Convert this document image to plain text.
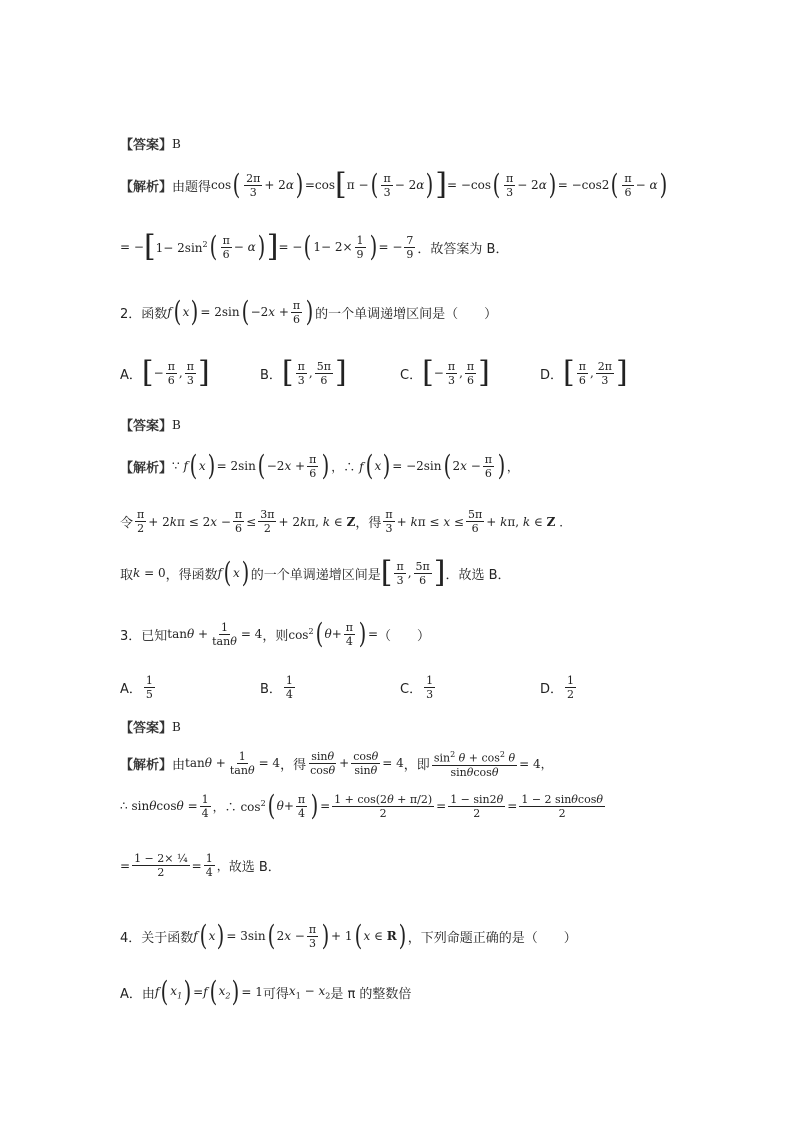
【答案】 B
【解析】 由题得 cos ( $\frac{2\pi}{3} + 2\alpha$ ) =cos [ π − ( $\frac{\pi}{3} - 2\alpha$ ) ] = −cos ( $\frac{\pi}{3} - 2\alpha$ ) = −cos2 ( $\frac{\pi}{6} - \alpha$ )
= − [ $1- 2\sin^2$ ( $\frac{\pi}{6} - \alpha$ ) ] = − ( $1- 2\times \frac{1}{9}$ ) = − $\frac{7}{9}$ ．故答案为 B．
2．函数 f ( x ) = 2sin ( $-2x + \frac{\pi}{6}$ ) 的一个单调递增区间是（　　）
A． [ − $\frac{\pi}{6}$ , $\frac{\pi}{3}$ ]	B． [ $\frac{\pi}{3}$ , $\frac{5\pi}{6}$ ]	C． [ − $\frac{\pi}{3}$ , $\frac{\pi}{6}$ ]	D． [ $\frac{\pi}{6}$ , $\frac{2\pi}{3}$ ]
【答案】 B
【解析】 ∵ f ( x ) = 2sin ( $-2x + \frac{\pi}{6}$ ) ，∴ f ( x ) = −2sin ( $2x - \frac{\pi}{6}$ ) ，
令 $\frac{\pi}{2} + 2k\pi \le 2x - \frac{\pi}{6} \le \frac{3\pi}{2} + 2k\pi$, k ∈ Z ，得 $\frac{\pi}{3} + k\pi \le x \le \frac{5\pi}{6} + k\pi$, k ∈ Z ．
取 k = 0 ，得函数 f ( x ) 的一个单调递增区间是 [ $\frac{\pi}{3}$ , $\frac{5\pi}{6}$ ] ．故选 B．
3．已知 $\tan\theta + \frac{1}{\tan\theta} = 4$ ，则 $\cos^2$ ( $\theta + \frac{\pi}{4}$ ) = （　　）
A． $\frac{1}{5}$	B． $\frac{1}{4}$	C． $\frac{1}{3}$	D． $\frac{1}{2}$
【答案】 B
【解析】 由 $\tan\theta + \frac{1}{\tan\theta} = 4$ ，得 $\frac{\sin\theta}{\cos\theta} + \frac{\cos\theta}{\sin\theta} = 4$ ，即 $\frac{\sin^2 \theta + \cos^2 \theta}{\sin\theta\cos\theta} = 4$，
∴ $\sin\theta\cos\theta = \frac{1}{4}$ ，∴ $\cos^2$ ( $\theta + \frac{\pi}{4}$ ) = $\frac{1 + \cos(2\theta + \pi/2)}{2} = \frac{1 - \sin 2\theta}{2} = \frac{1 - 2 \sin\theta\cos\theta}{2}$
= $\frac{\text{1 − 2× ¼}}{2} = \frac{1}{4}$ ， 故选 B．
4．关于函数 f ( x ) = 3sin ( $2x - \frac{\pi}{3}$ ) + 1 ( x ∈ R ) ，下列命题正确的是（　　）
A．由 f ( $x_1$ ) = f ( $x_2$ ) = 1 可得 $x_1 - x_2$ 是 π 的整数倍
